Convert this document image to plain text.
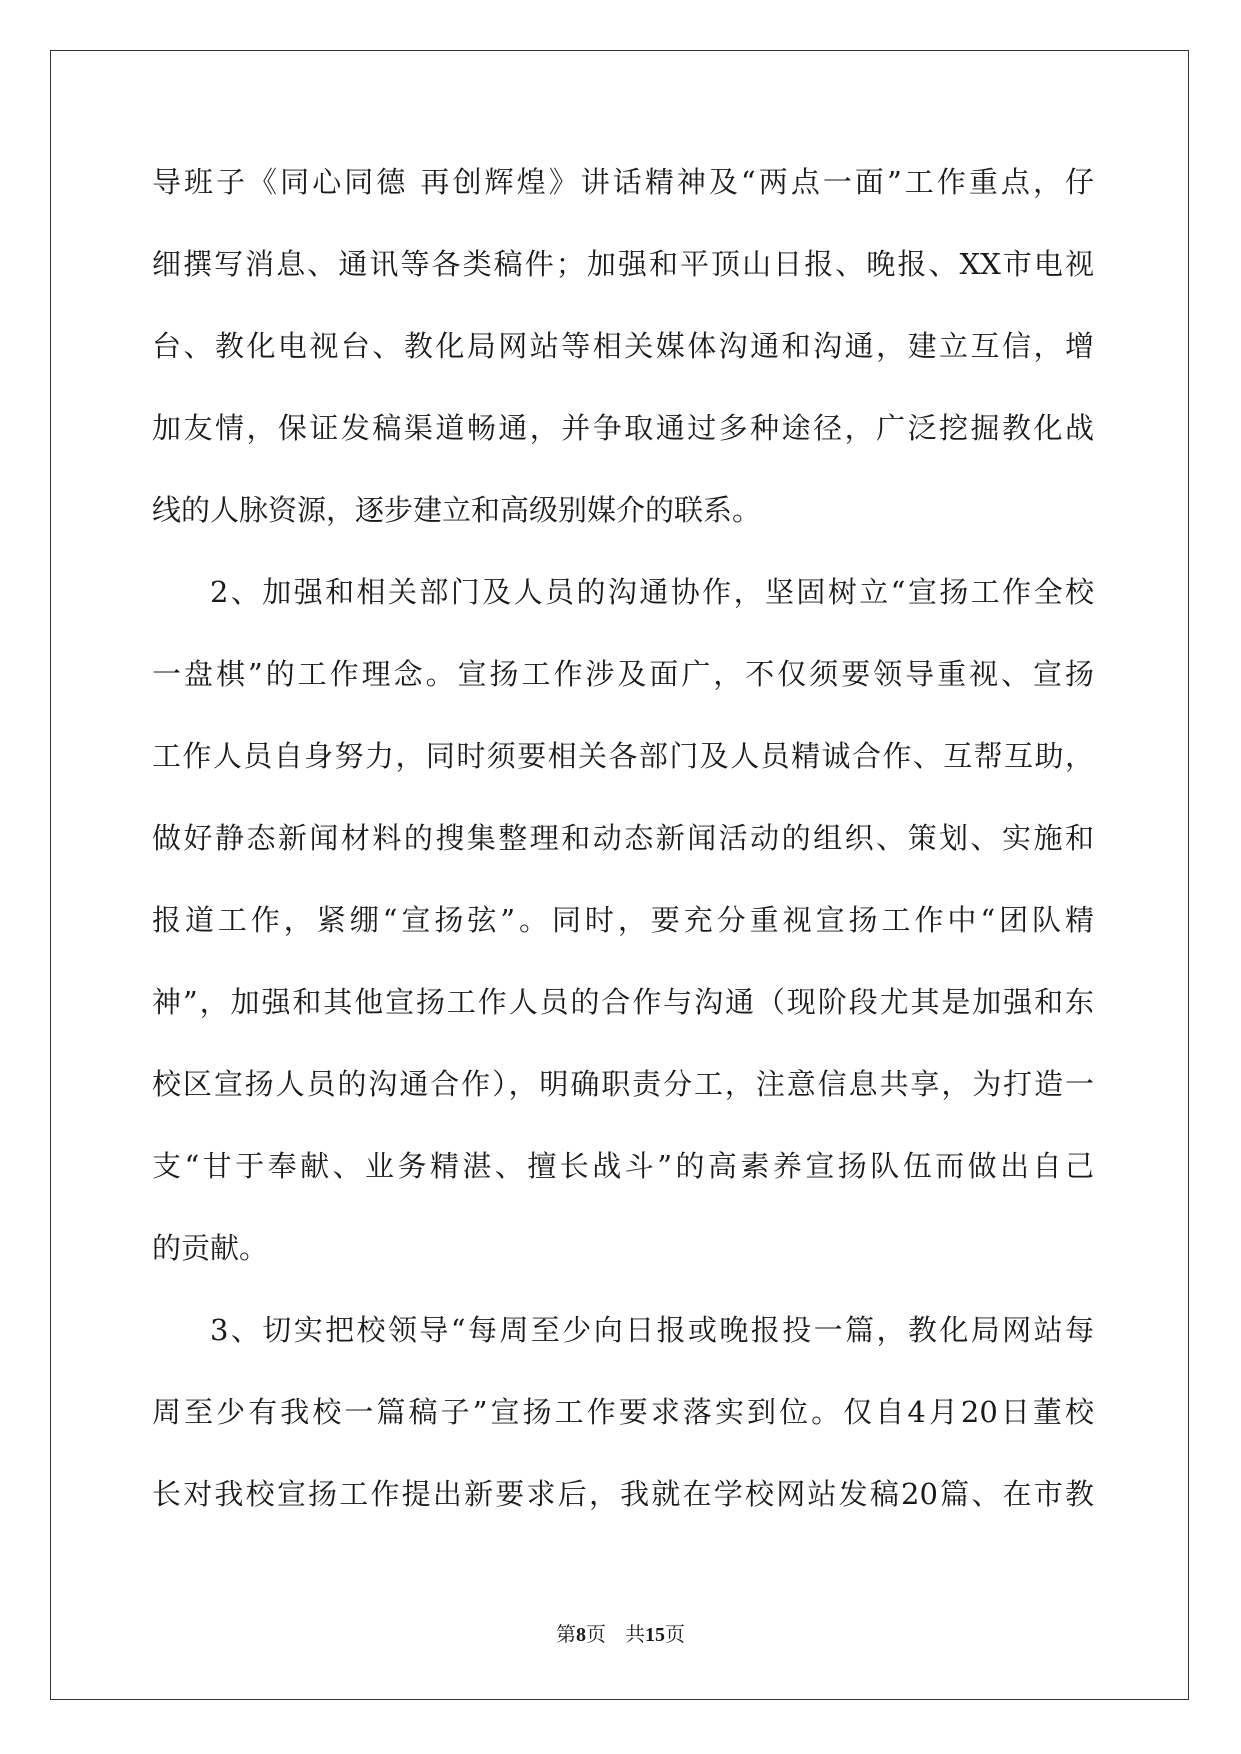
导班子《同心同德 再创辉煌》讲话精神及“两点一面”工作重点，仔
细撰写消息、通讯等各类稿件；加强和平顶山日报、晚报、XX市电视
台、教化电视台、教化局网站等相关媒体沟通和沟通，建立互信，增
加友情，保证发稿渠道畅通，并争取通过多种途径，广泛挖掘教化战
线的人脉资源，逐步建立和高级别媒介的联系。
2、加强和相关部门及人员的沟通协作，坚固树立“宣扬工作全校
一盘棋”的工作理念。宣扬工作涉及面广，不仅须要领导重视、宣扬
工作人员自身努力，同时须要相关各部门及人员精诚合作、互帮互助，
做好静态新闻材料的搜集整理和动态新闻活动的组织、策划、实施和
报道工作，紧绷“宣扬弦”。同时，要充分重视宣扬工作中“团队精
神”，加强和其他宣扬工作人员的合作与沟通（现阶段尤其是加强和东
校区宣扬人员的沟通合作），明确职责分工，注意信息共享，为打造一
支“甘于奉献、业务精湛、擅长战斗”的高素养宣扬队伍而做出自己
的贡献。
3、切实把校领导“每周至少向日报或晚报投一篇，教化局网站每
周至少有我校一篇稿子”宣扬工作要求落实到位。仅自4月20日董校
长对我校宣扬工作提出新要求后，我就在学校网站发稿20篇、在市教
第8页 共15页
